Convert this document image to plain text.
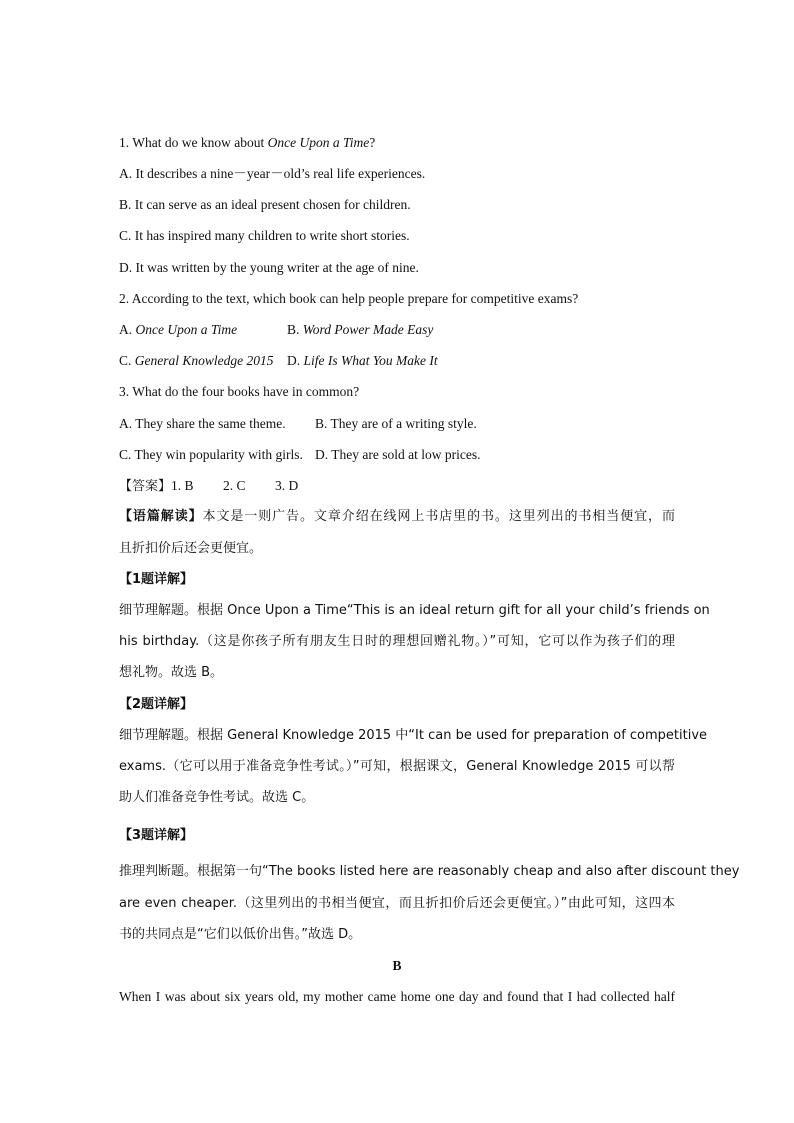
1. What do we know about Once Upon a Time?
A. It describes a nine－year－old’s real life experiences.
B. It can serve as an ideal present chosen for children.
C. It has inspired many children to write short stories.
D. It was written by the young writer at the age of nine.
2. According to the text, which book can help people prepare for competitive exams?
A. Once Upon a Time	B. Word Power Made Easy
C. General Knowledge 2015 D. Life Is What You Make It
3. What do the four books have in common?
A. They share the same theme. B. They are of a writing style.
C. They win popularity with girls. D. They are sold at low prices.
【答案】1. B 2. C 3. D
【语篇解读】本文是一则广告。文章介绍在线网上书店里的书。这里列出的书相当便宜，而
且折扣价后还会更便宜。
【1题详解】
细节理解题。根据 Once Upon a Time“This is an ideal return gift for all your child’s friends on
his birthday.（这是你孩子所有朋友生日时的理想回赠礼物。）”可知，它可以作为孩子们的理
想礼物。故选 B。
【2题详解】
细节理解题。根据 General Knowledge 2015 中“It can be used for preparation of competitive
exams.（它可以用于准备竞争性考试。）”可知，根据课文，General Knowledge 2015 可以帮
助人们准备竞争性考试。故选 C。
【3题详解】
推理判断题。根据第一句“The books listed here are reasonably cheap and also after discount they
are even cheaper.（这里列出的书相当便宜，而且折扣价后还会更便宜。）”由此可知，这四本
书的共同点是“它们以低价出售。”故选 D。
B
When I was about six years old, my mother came home one day and found that I had collected half
